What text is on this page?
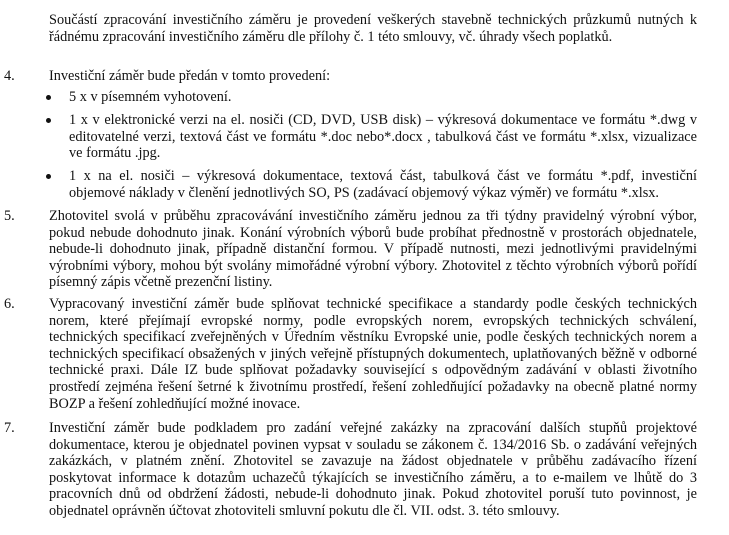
Součástí zpracování investičního záměru je provedení veškerých stavebně technických průzkumů nutných k řádnému zpracování investičního záměru dle přílohy č. 1 této smlouvy, vč. úhrady všech poplatků.

4. Investiční záměr bude předán v tomto provedení:

5 x v písemném vyhotovení.

1 x v elektronické verzi na el. nosiči (CD, DVD, USB disk) – výkresová dokumentace ve formátu *.dwg v editovatelné verzi, textová část ve formátu *.doc nebo*.docx , tabulková část ve formátu *.xlsx, vizualizace ve formátu .jpg.

1 x na el. nosiči – výkresová dokumentace, textová část, tabulková část ve formátu *.pdf, investiční objemové náklady v členění jednotlivých SO, PS (zadávací objemový výkaz výměr) ve formátu *.xlsx.

5. Zhotovitel svolá v průběhu zpracovávání investičního záměru jednou za tři týdny pravidelný výrobní výbor, pokud nebude dohodnuto jinak. Konání výrobních výborů bude probíhat přednostně v prostorách objednatele, nebude-li dohodnuto jinak, případně distanční formou. V případě nutnosti, mezi jednotlivými pravidelnými výrobními výbory, mohou být svolány mimořádné výrobní výbory. Zhotovitel z těchto výrobních výborů pořídí písemný zápis včetně prezenční listiny.

6. Vypracovaný investiční záměr bude splňovat technické specifikace a standardy podle českých technických norem, které přejímají evropské normy, podle evropských norem, evropských technických schválení, technických specifikací zveřejněných v Úředním věstníku Evropské unie, podle českých technických norem a technických specifikací obsažených v jiných veřejně přístupných dokumentech, uplatňovaných běžně v odborné technické praxi. Dále IZ bude splňovat požadavky související s odpovědným zadávání v oblasti životního prostředí zejména řešení šetrné k životnímu prostředí, řešení zohledňující požadavky na obecně platné normy BOZP a řešení zohledňující možné inovace.

7. Investiční záměr bude podkladem pro zadání veřejné zakázky na zpracování dalších stupňů projektové dokumentace, kterou je objednatel povinen vypsat v souladu se zákonem č. 134/2016 Sb. o zadávání veřejných zakázkách, v platném znění. Zhotovitel se zavazuje na žádost objednatele v průběhu zadávacího řízení poskytovat informace k dotazům uchazečů týkajících se investičního záměru, a to e-mailem ve lhůtě do 3 pracovních dnů od obdržení žádosti, nebude-li dohodnuto jinak. Pokud zhotovitel poruší tuto povinnost, je objednatel oprávněn účtovat zhotoviteli smluvní pokutu dle čl. VII. odst. 3. této smlouvy.
